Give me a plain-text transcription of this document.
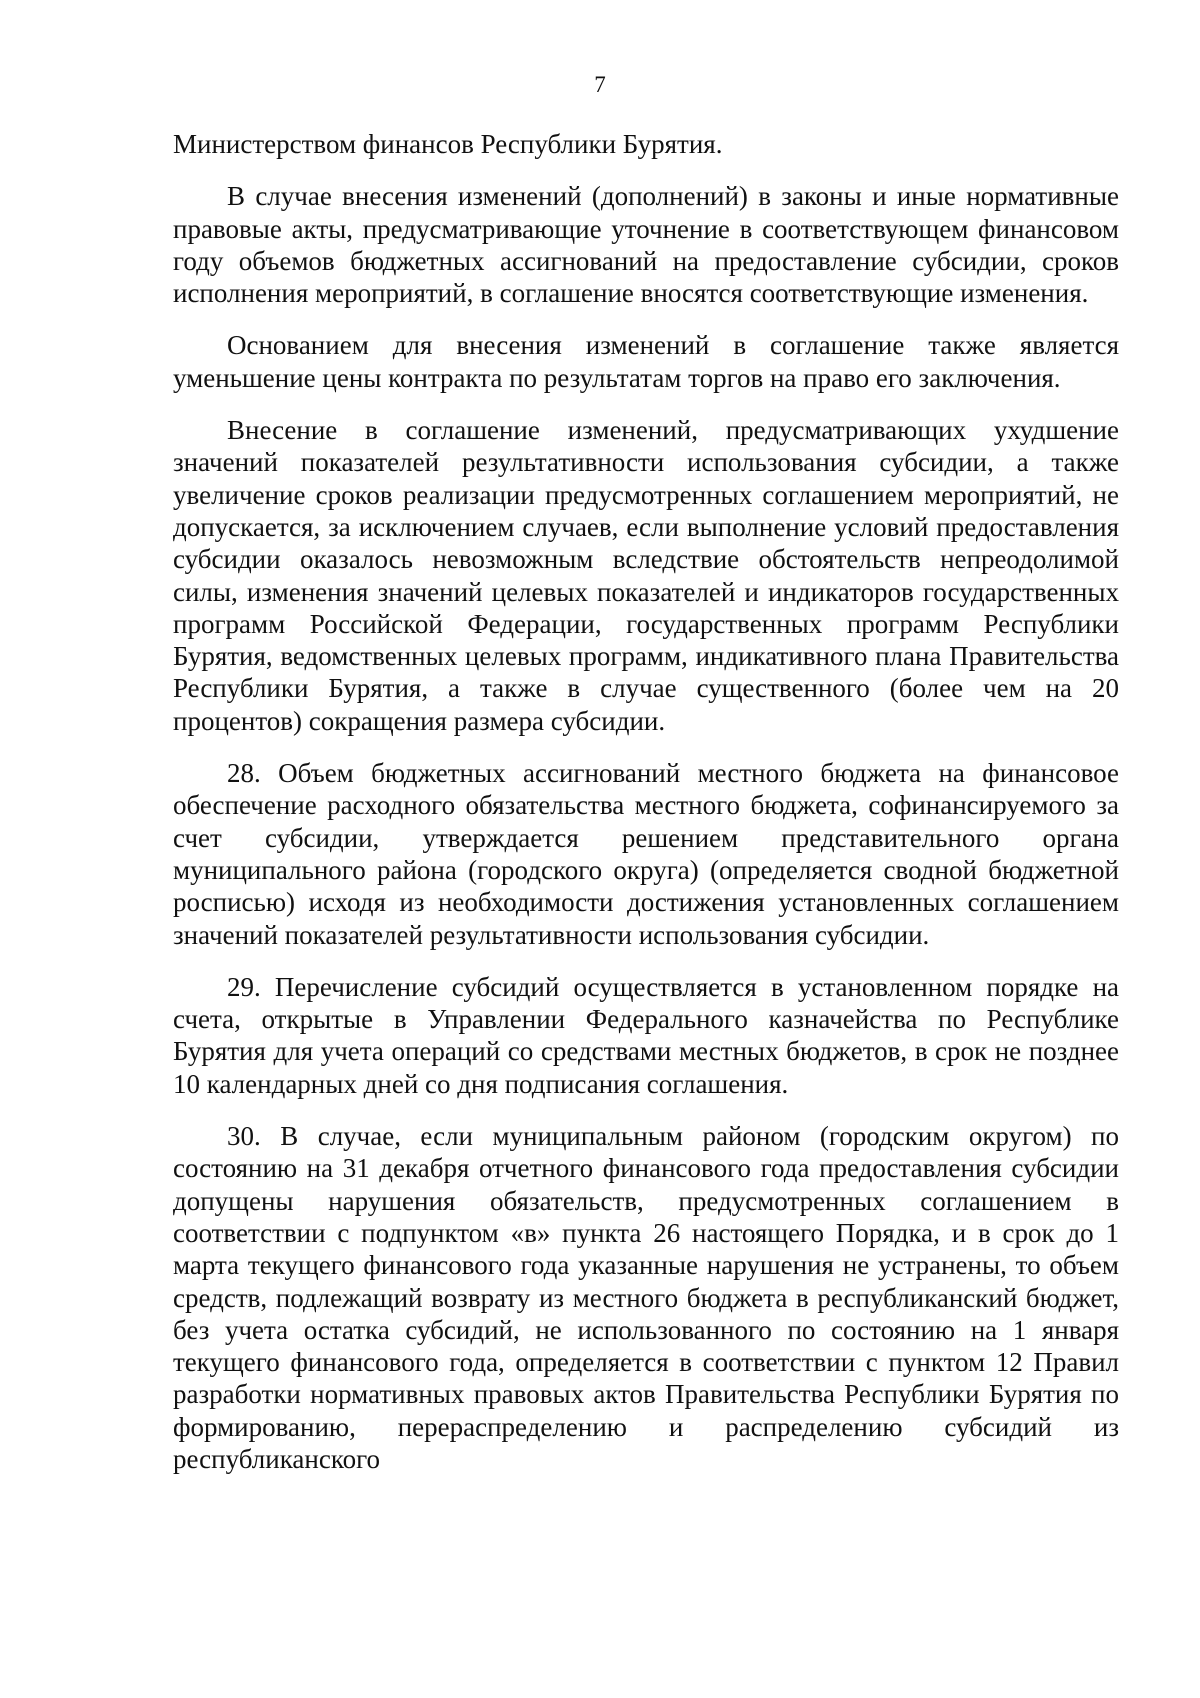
7

Министерством финансов Республики Бурятия.

В случае внесения изменений (дополнений) в законы и иные нормативные правовые акты, предусматривающие уточнение в соответствующем финансовом году объемов бюджетных ассигнований на предоставление субсидии, сроков исполнения мероприятий, в соглашение вносятся соответствующие изменения.

Основанием для внесения изменений в соглашение также является уменьшение цены контракта по результатам торгов на право его заключения.

Внесение в соглашение изменений, предусматривающих ухудшение значений показателей результативности использования субсидии, а также увеличение сроков реализации предусмотренных соглашением мероприятий, не допускается, за исключением случаев, если выполнение условий предоставления субсидии оказалось невозможным вследствие обстоятельств непреодолимой силы, изменения значений целевых показателей и индикаторов государственных программ Российской Федерации, государственных программ Республики Бурятия, ведомственных целевых программ, индикативного плана Правительства Республики Бурятия, а также в случае существенного (более чем на 20 процентов) сокращения размера субсидии.

28. Объем бюджетных ассигнований местного бюджета на финансовое обеспечение расходного обязательства местного бюджета, софинансируемого за счет субсидии, утверждается решением представительного органа муниципального района (городского округа) (определяется сводной бюджетной росписью) исходя из необходимости достижения установленных соглашением значений показателей результативности использования субсидии.

29. Перечисление субсидий осуществляется в установленном порядке на счета, открытые в Управлении Федерального казначейства по Республике Бурятия для учета операций со средствами местных бюджетов, в срок не позднее 10 календарных дней со дня подписания соглашения.

30. В случае, если муниципальным районом (городским округом) по состоянию на 31 декабря отчетного финансового года предоставления субсидии допущены нарушения обязательств, предусмотренных соглашением в соответствии с подпунктом «в» пункта 26 настоящего Порядка, и в срок до 1 марта текущего финансового года указанные нарушения не устранены, то объем средств, подлежащий возврату из местного бюджета в республиканский бюджет, без учета остатка субсидий, не использованного по состоянию на 1 января текущего финансового года, определяется в соответствии с пунктом 12 Правил разработки нормативных правовых актов Правительства Республики Бурятия по формированию, перераспределению и распределению субсидий из республиканского
